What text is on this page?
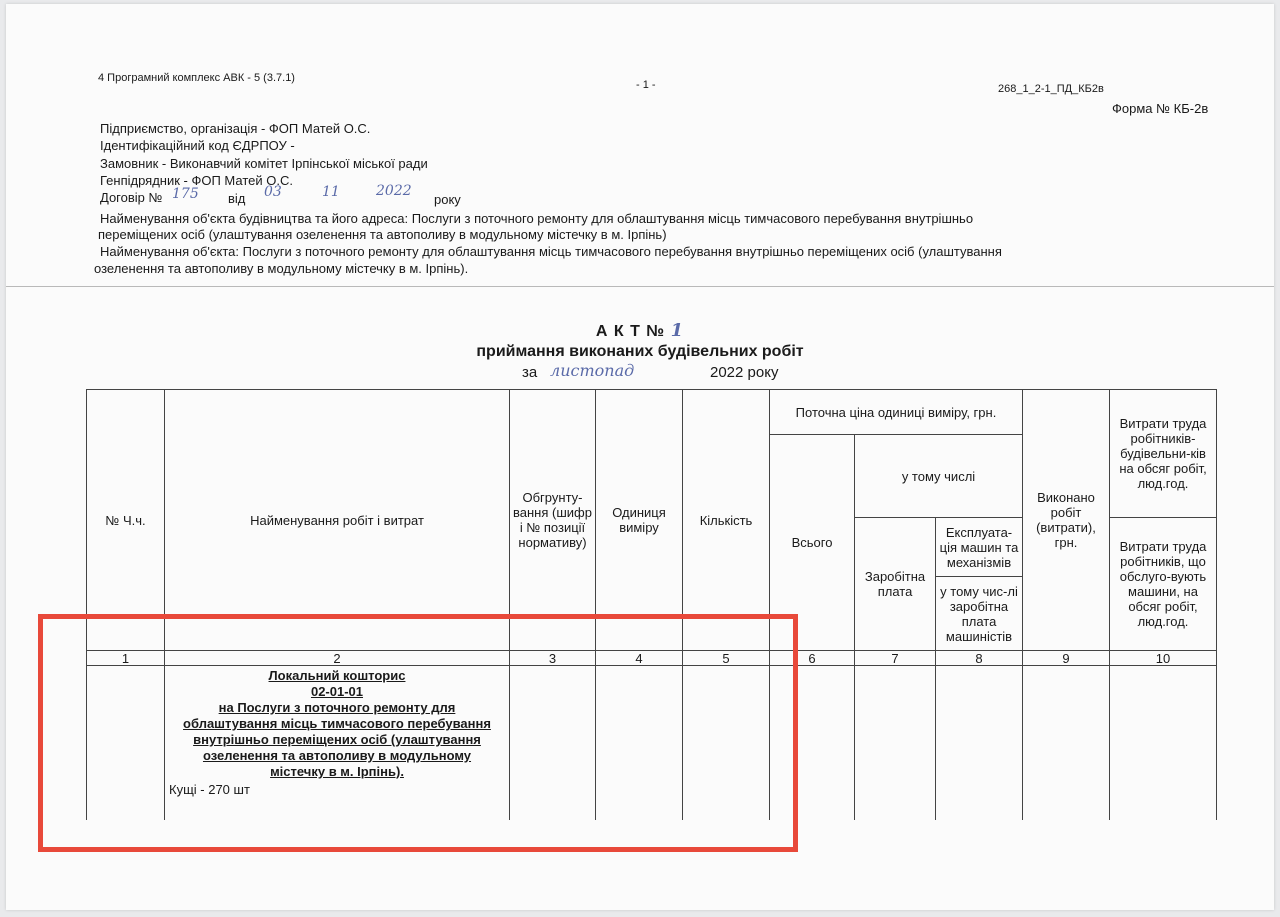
4 Програмний комплекс АВК - 5 (3.7.1)
- 1 -	268_1_2-1_ПД_КБ2в
Форма № КБ-2в
Підприємство, організація - ФОП Матей О.С.
Ідентифікаційний код ЄДРПОУ -
Замовник - Виконавчий комітет Ірпінської міської ради
Генпідрядник - ФОП Матей О.С.
Договір № 175 від 03	11	2022
року
Найменування об'єкта будівництва та його адреса: Послуги з поточного ремонту для облаштування місць тимчасового перебування внутрішньо
переміщених осіб (улаштування озеленення та автополиву в модульному містечку в м. Ірпінь)
Найменування об'єкта: Послуги з поточного ремонту для облаштування місць тимчасового перебування внутрішньо переміщених осіб (улаштування
озеленення та автополиву в модульному містечку в м. Ірпінь).
А К Т № 1
приймання виконаних будівельних робіт
за листопад	2022 року
№ Ч.ч.	Найменування робіт і витрат	Обгрунту-вання (шифр і № позиції нормативу)	Одиниця виміру	Кількість	Поточна ціна одиниці виміру, грн.			Виконано робіт (витрати), грн.	Витрати труда робітників-будівельни-ків на обсяг робіт, люд.год.
					Всього	у тому числі			
						Заробітна плата	Експлуата-ція машин та механізмів		Витрати труда робітників, що обслуго-вують машини, на обсяг робіт, люд.год.
							у тому чис-лі заробітна плата машиністів		

1	2	3	4	5	6	7	8	9	10

	Локальний кошторис
02-01-01
на Послуги з поточного ремонту для облаштування місць тимчасового перебування внутрішньо переміщених осіб (улаштування озеленення та автополиву в модульному містечку в м. Ірпінь).
Кущі - 270 шт								
